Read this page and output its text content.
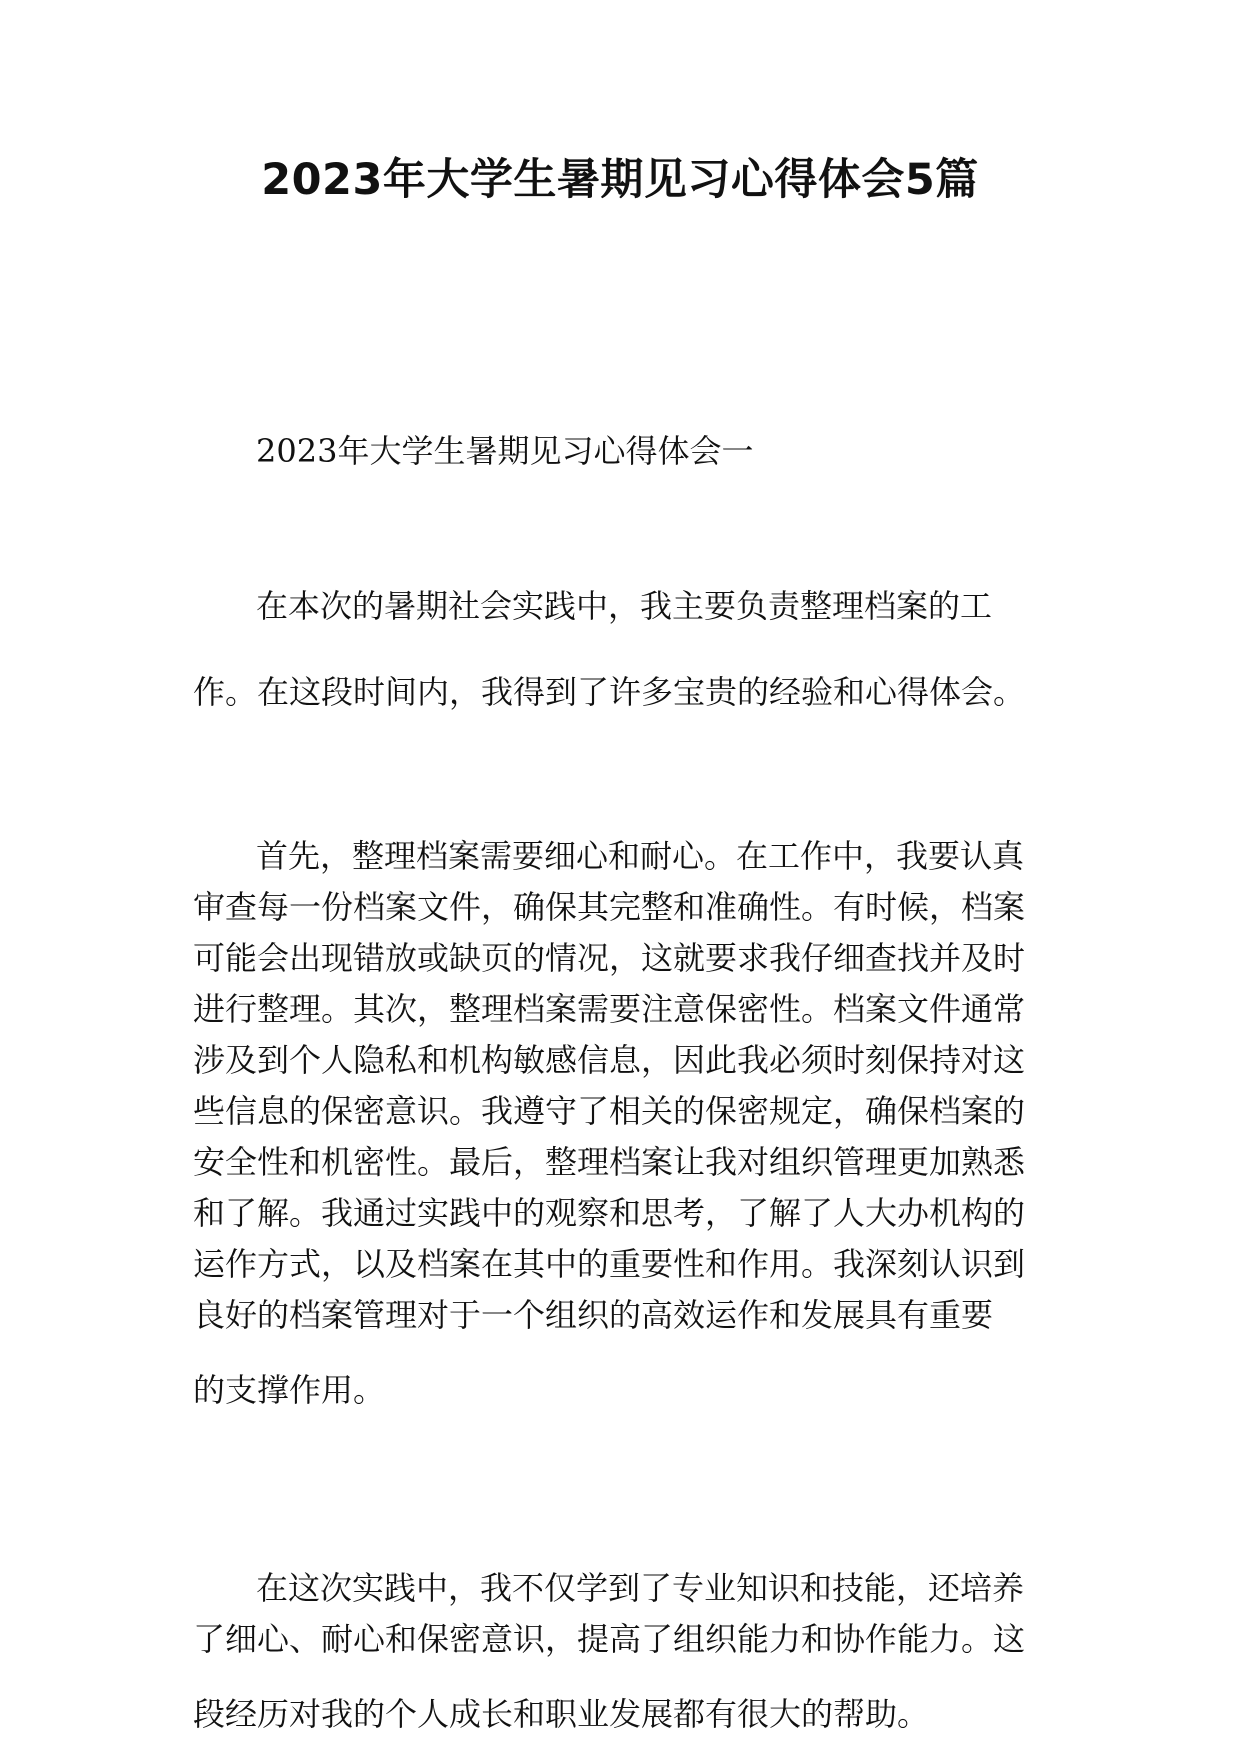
2023年大学生暑期见习心得体会5篇
2023年大学生暑期见习心得体会一
在本次的暑期社会实践中，我主要负责整理档案的工
作。在这段时间内，我得到了许多宝贵的经验和心得体会。
首先，整理档案需要细心和耐心。在工作中，我要认真
审查每一份档案文件，确保其完整和准确性。有时候，档案
可能会出现错放或缺页的情况，这就要求我仔细查找并及时
进行整理。其次，整理档案需要注意保密性。档案文件通常
涉及到个人隐私和机构敏感信息，因此我必须时刻保持对这
些信息的保密意识。我遵守了相关的保密规定，确保档案的
安全性和机密性。最后，整理档案让我对组织管理更加熟悉
和了解。我通过实践中的观察和思考，了解了人大办机构的
运作方式，以及档案在其中的重要性和作用。我深刻认识到
良好的档案管理对于一个组织的高效运作和发展具有重要
的支撑作用。
在这次实践中，我不仅学到了专业知识和技能，还培养
了细心、耐心和保密意识，提高了组织能力和协作能力。这
段经历对我的个人成长和职业发展都有很大的帮助。
